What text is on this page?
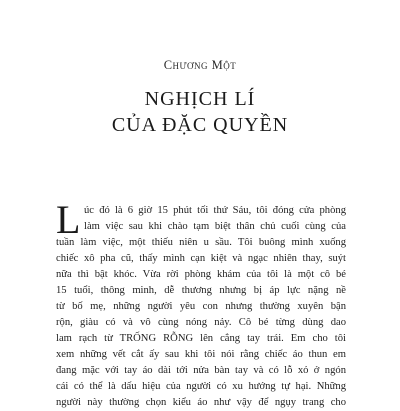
Chương Một
NGHỊCH LÍ
CỦA ĐẶC QUYỀN
L úc đó là 6 giờ 15 phút tối thứ Sáu, tôi đóng cửa phòng
làm việc sau khi chào tạm biệt thân chủ cuối cùng của
tuần làm việc, một thiếu niên u sầu. Tôi buông mình xuống
chiếc xô pha cũ, thấy mình cạn kiệt và ngạc nhiên thay, suýt
nữa thì bật khóc. Vừa rời phòng khám của tôi là một cô bé
15 tuổi, thông minh, dễ thương nhưng bị áp lực nặng nề
từ bố mẹ, những người yêu con nhưng thường xuyên bận
rộn, giàu có và vô cùng nóng nảy. Cô bé từng dùng dao
lam rạch từ TRỐNG RỖNG lên cẳng tay trái. Em cho tôi
xem những vết cắt ấy sau khi tôi nói rằng chiếc áo thun em
đang mặc với tay áo dài tới nửa bàn tay và có lỗ xỏ ở ngón
cái có thể là dấu hiệu của người có xu hướng tự hại. Những
người này thường chọn kiểu áo như vậy để ngụy trang cho
